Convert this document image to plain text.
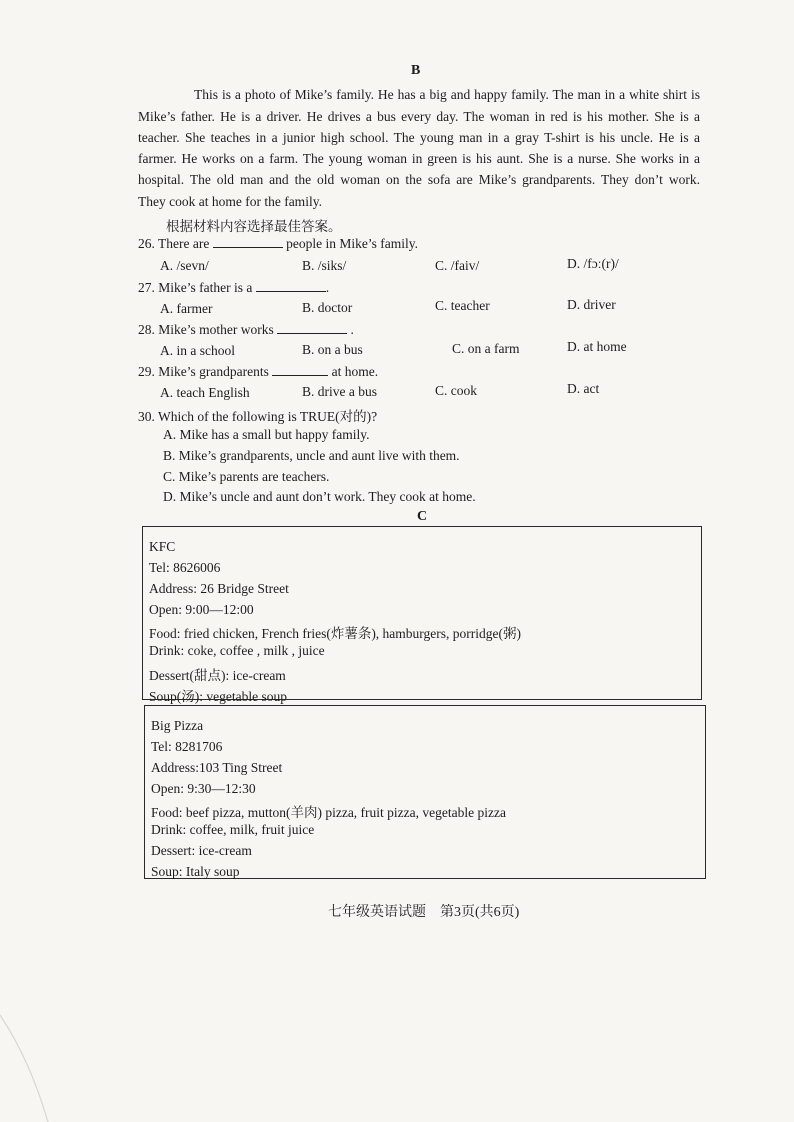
B
This is a photo of Mike’s family. He has a big and happy family. The man in a white shirt is
Mike’s father. He is a driver. He drives a bus every day. The woman in red is his mother. She is a
teacher. She teaches in a junior high school. The young man in a gray T-shirt is his uncle. He is a
farmer. He works on a farm. The young woman in green is his aunt. She is a nurse. She works in a
hospital. The old man and the old woman on the sofa are Mike’s grandparents. They don’t work.
They cook at home for the family.
根据材料内容选择最佳答案。
26. There are	people in Mike’s family.
A. /sevn/	B. /siks/	C. /faiv/	D. /fɔː(r)/
27. Mike’s father is a	.
A. farmer	B. doctor	C. teacher	D. driver
28. Mike’s mother works	.
A. in a school	B. on a bus	C. on a farm	D. at home
29. Mike’s grandparents	at home.
A. teach English	B. drive a bus	C. cook	D. act
30. Which of the following is TRUE(对的)?
A. Mike has a small but happy family.
B. Mike’s grandparents, uncle and aunt live with them.
C. Mike’s parents are teachers.
D. Mike’s uncle and aunt don’t work. They cook at home.
C
KFC
Tel: 8626006
Address: 26 Bridge Street
Open: 9:00—12:00
Food: fried chicken, French fries(炸薯条), hamburgers, porridge(粥)
Drink: coke, coffee , milk , juice
Dessert(甜点): ice-cream
Soup(汤): vegetable soup
Big Pizza
Tel: 8281706
Address:103 Ting Street
Open: 9:30—12:30
Food: beef pizza, mutton(羊肉) pizza, fruit pizza, vegetable pizza
Drink: coffee, milk, fruit juice
Dessert: ice-cream
Soup: Italy soup
七年级英语试题　第3页(共6页)
